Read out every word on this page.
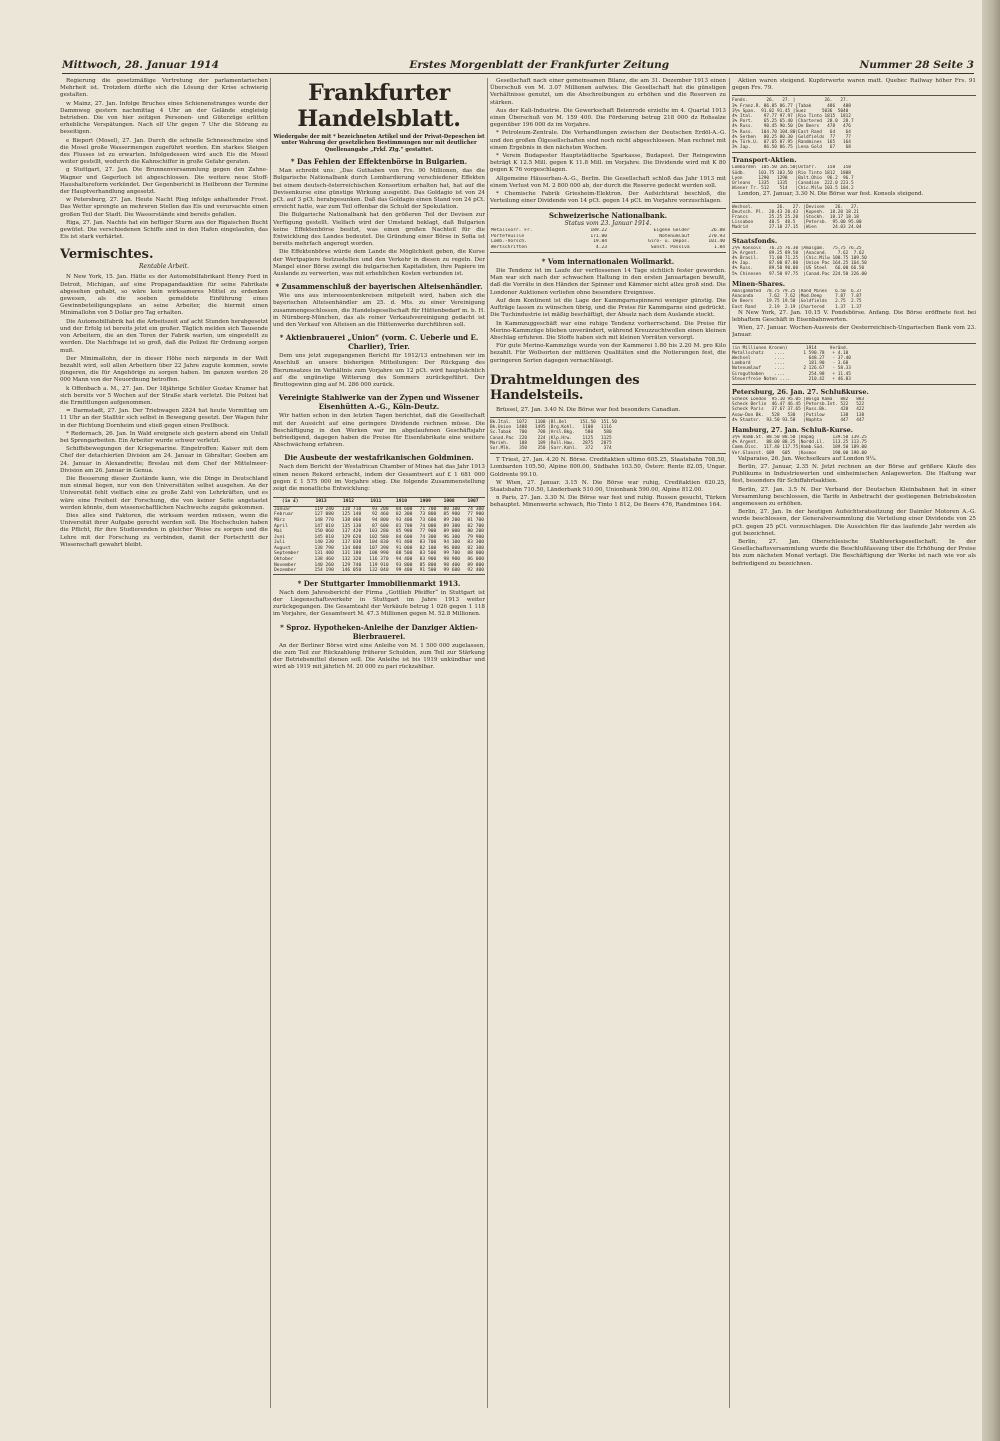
Mittwoch, 28. Januar 1914	Erstes Morgenblatt der Frankfurter Zeitung	Nummer 28 Seite 3

Regierung die gesetzmäßige Vertretung der parlamentarischen Mehrheit ist. Trotzdem dürfte sich die Lösung der Krise schwierig gestalten.

w Mainz, 27. Jan. Infolge Bruches eines Schienenstranges wurde der Dammweg gestern nachmittag 4 Uhr an der Gelände eingleisig betrieben. Die von hier zeitigen Personen- und Güterzüge erlitten erhebliche Verspätungen. Nach elf Uhr gegen 7 Uhr die Störung zu beseitigen.

e Bieport (Mosel), 27. Jan. Durch die schnelle Schneeschmelze sind die Mosel große Wassermengen zugeführt worden. Ein starkes Steigen des Flusses ist zu erwarten. Infolgedessen wird auch Eis die Mosel weiter gestellt, wodurch die Kahnschiffer in große Gefahr geraten.

g Stuttgart, 27. Jan. Die Brunnenversammlung gegen den Zahne-Wagner und Gegerloch ist abgeschlossen. Die weitere neue Stoff-Haushaltsreform verkündet. Der Gegenbericht in Heilbronn der Termine der Hauptverhandlung angesetzt.

w Petersburg, 27. Jan. Heute Nacht Rieg infolge anhaltender Frost. Das Wetter sprengte an mehreren Stellen das Eis und verursachte einen großen Teil der Stadt. Die Wasserstände sind bereits gefallen.

Riga, 27. Jan. Nachts hat ein heftiger Sturm aus der Rigaischen Bucht gewütet. Die verschiedenen Schiffe sind in den Hafen eingelaufen, das Eis ist stark verhärtet.

Vermischtes.
Rentable Arbeit.

N New York, 15. Jan. Hätte es der Automobilfabrikant Henry Ford in Detroit, Michigan, auf eine Propagandaaktion für seine Fabrikate abgesehen gehabt, so wäre kein wirksameres Mittel zu erdenken gewesen, als die soeben gemeldete Einführung eines Gewinnbeteiligungsplans an seine Arbeiter, die hiermit einen Minimallohn von 5 Dollar pro Tag erhalten.

Die Automobilfabrik hat die Arbeitszeit auf acht Stunden herabgesetzt und der Erfolg ist bereits jetzt ein großer. Täglich melden sich Tausende von Arbeitern, die an den Toren der Fabrik warten, um eingestellt zu werden. Die Nachfrage ist so groß, daß die Polizei für Ordnung sorgen muß.

Der Minimallohn, der in dieser Höhe noch nirgends in der Welt bezahlt wird, soll allen Arbeitern über 22 Jahre zugute kommen, sowie jüngeren, die für Angehörige zu sorgen haben. Im ganzen werden 26 000 Mann von der Neuordnung betroffen.

k Offenbach a. M., 27. Jan. Der 18jährige Schüler Gustav Kramer hat sich bereits vor 5 Wochen auf der Straße stark verletzt. Die Polizei hat die Ermittlungen aufgenommen.

= Darmstadt, 27. Jan. Der Triebwagen 2824 hat heute Vormittag um 11 Uhr an der Stalltür sich selbst in Bewegung gesetzt. Der Wagen fuhr in der Richtung Dornheim und stieß gegen einen Prellbock.

* Redernach, 26. Jan. In Wald ereignete sich gestern abend ein Unfall bei Sprengarbeiten. Ein Arbeiter wurde schwer verletzt.

Schiffsbewegungen der Kriegsmarine. Eingetroffen: Kaiser mit dem Chef der detachierten Division am 24. Januar in Gibraltar; Goeben am 24. Januar in Alexandrette; Breslau mit dem Chef der Mittelmeer-Division am 26. Januar in Genua.

Die Besserung dieser Zustände kann, wie die Dinge in Deutschland nun einmal liegen, nur von den Universitäten selbst ausgehen. An der Universität fehlt vielfach eine zu große Zahl von Lehrkräften, und es wäre eine Freiheit der Forschung, die von keiner Seite angetastet werden könnte, dem wissenschaftlichen Nachwuchs zugute gekommen.

Dies alles sind Faktoren, die wirksam werden müssen, wenn die Universität ihrer Aufgabe gerecht werden soll. Die Hochschulen haben die Pflicht, für ihre Studierenden in gleicher Weise zu sorgen und die Lehre mit der Forschung zu verbinden, damit der Fortschritt der Wissenschaft gewahrt bleibt.

Frankfurter Handelsblatt.
Wiedergabe der mit * bezeichneten Artikel und der Privat-Depeschen ist unter Wahrung der gesetzlichen Bestimmungen nur mit deutlicher Quellenangabe „Frkf. Ztg.“ gestattet.
* Das Fehlen der Effektenbörse in Bulgarien.

Man schreibt uns: „Das Guthaben von Frs. 90 Millionen, das die Bulgarische Nationalbank durch Lombardierung verschiedener Effekten bei einem deutsch-österreichischen Konsortium erhalten hat, hat auf die Devisenkurse eine günstige Wirkung ausgeübt. Das Goldagio ist von 24 pCt. auf 3 pCt. herabgesunken. Daß das Goldagio einen Stand von 24 pCt. erreicht hatte, war zum Teil offenbar die Schuld der Spekulation.

Die Bulgarische Nationalbank hat den größeren Teil der Devisen zur Verfügung gestellt. Vielfach wird der Umstand beklagt, daß Bulgarien keine Effektenbörse besitzt, was einen großen Nachteil für die Entwicklung des Landes bedeutet. Die Gründung einer Börse in Sofia ist bereits mehrfach angeregt worden.

Die Effektenbörse würde dem Lande die Möglichkeit geben, die Kurse der Wertpapiere festzustellen und den Verkehr in diesen zu regeln. Der Mangel einer Börse zwingt die bulgarischen Kapitalisten, ihre Papiere im Auslande zu verwerten, was mit erheblichen Kosten verbunden ist.

* Zusammenschluß der bayerischen Alteisenhändler.

Wie uns aus interessentenkreisen mitgeteilt wird, haben sich die bayerischen Alteisenhändler am 25. d. Mts. zu einer Vereinigung zusammengeschlossen, die Handelsgesellschaft für Hüttenbedarf m. b. H. in Nürnberg-München, das als reiner Verkaufsvereinigung gedacht ist und den Verkauf von Alteisen an die Hüttenwerke durchführen soll.

* Aktienbrauerei „Union“ (vorm. C. Ueberle und E. Charlier), Trier.

Dem uns jetzt zugegangenen Bericht für 1912/13 entnehmen wir im Anschluß an unsere bisherigen Mitteilungen: Der Rückgang des Bierumsatzes im Verhältnis zum Vorjahre um 12 pCt. wird hauptsächlich auf die ungünstige Witterung des Sommers zurückgeführt. Der Bruttogewinn ging auf M. 286 000 zurück.

Vereinigte Stahlwerke van der Zypen und Wissener Eisenhütten A.-G., Köln-Deutz.

Wir hatten schon in den letzten Tagen berichtet, daß die Gesellschaft mit der Aussicht auf eine geringere Dividende rechnen müsse. Die Beschäftigung in den Werken war im abgelaufenen Geschäftsjahr befriedigend, dagegen haben die Preise für Eisenfabrikate eine weitere Abschwächung erfahren.

Die Ausbeute der westafrikanischen Goldminen.

Nach dem Bericht der Westafrican Chamber of Mines hat das Jahr 1913 einen neuen Rekord erbracht, indem der Gesamtwert auf £ 1 681 000 gegen £ 1 575 000 im Vorjahre stieg. Die folgende Zusammenstellung zeigt die monatliche Entwicklung:

(in £)	1913	1912	1911	1910	1909	1908	1907
Januar	119 240	118 710	93 200	84 600	71 700	80 100	74 300
Februar	127 080	125 140	92 460	82 300	73 800	85 900	77 900
März	148 770	138 060	94 800	93 400	73 600	89 200	81 700
April	147 010	135 130	87 600	81 700	74 000	89 300	82 700
Mai	150 060	137 420	103 280	85 900	77 900	89 000	80 200
Juni	145 010	129 620	102 580	84 600	74 300	96 300	79 900
Juli	140 230	137 030	104 830	91 400	83 700	94 100	83 300
August	138 790	134 080	107 390	91 000	82 100	96 800	82 300
September	131 400	131 180	108 990	88 500	83 500	99 700	88 000
Oktober	138 460	132 320	116 370	94 400	83 900	98 900	86 000
November	140 260	129 740	119 910	93 800	85 800	98 400	89 800
Dezember	154 190	146 050	132 040	99 400	91 500	99 600	92 400
* Der Stuttgarter Immobilienmarkt 1913.

Nach dem Jahresbericht der Firma „Gottlieb Pfeiffer“ in Stuttgart ist der Liegenschaftsverkehr in Stuttgart im Jahre 1913 weiter zurückgegangen. Die Gesamtzahl der Verkäufe betrug 1 026 gegen 1 118 im Vorjahre, der Gesamtwert M. 47.3 Millionen gegen M. 52.8 Millionen.

* Sproz. Hypotheken-Anleihe der Danziger Aktien-Bierbrauerei.

An der Berliner Börse wird eine Anleihe von M. 1 500 000 zugelassen, die zum Teil zur Rückzahlung früherer Schulden, zum Teil zur Stärkung der Betriebsmittel dienen soll. Die Anleihe ist bis 1919 unkündbar und wird ab 1919 mit jährlich M. 20 000 zu pari rückzahlbar.

Gesellschaft nach einer gemeinsamen Bilanz, die am 31. Dezember 1913 einen Überschuß von M. 3.07 Millionen aufwies. Die Gesellschaft hat die günstigen Verhältnisse genutzt, um die Abschreibungen zu erhöhen und die Reserven zu stärken.

Aus der Kali-Industrie. Die Gewerkschaft Beienrode erzielte im 4. Quartal 1913 einen Überschuß von M. 159 400. Die Förderung betrug 218 000 dz Rohsalze gegenüber 196 000 dz im Vorjahre.

* Petroleum-Zentrale. Die Verhandlungen zwischen der Deutschen Erdöl-A.-G. und den großen Ölgesellschaften sind noch nicht abgeschlossen. Man rechnet mit einem Ergebnis in den nächsten Wochen.

* Verein Budapester Hauptstädtische Sparkasse, Budapest. Der Reingewinn beträgt K 12.5 Mill. gegen K 11.8 Mill. im Vorjahre. Die Dividende wird mit K 80 gegen K 76 vorgeschlagen.

Allgemeine Häuserbau-A.-G., Berlin. Die Gesellschaft schloß das Jahr 1913 mit einem Verlust von M. 2 800 000 ab, der durch die Reserve gedeckt werden soll.

* Chemische Fabrik Griesheim-Elektron. Der Aufsichtsrat beschloß, die Verteilung einer Dividende von 14 pCt. gegen 14 pCt. im Vorjahre vorzuschlagen.

Schweizerische Nationalbank.
Status vom 23. Januar 1914.
Metallvorr. Fr.	189.22	Eigene Gelder	26.88
Portefeuille	171.80	Notenumlauf	270.93
Lomb.-Vorsch.	19.84	Giro- u. Depos.	101.40
Wertschriften	4.23	Sonst. Passiva	1.84
* Vom internationalen Wollmarkt.

Die Tendenz ist im Laufe der verflossenen 14 Tage sichtlich fester geworden. Man war sich nach der schwachen Haltung in den ersten Januartagen bewußt, daß die Vorräte in den Händen der Spinner und Kämmer nicht allzu groß sind. Die Londoner Auktionen verliefen ohne besondere Ereignisse.

Auf dem Kontinent ist die Lage der Kammgarnspinnerei weniger günstig. Die Aufträge lassen zu wünschen übrig, und die Preise für Kammgarne sind gedrückt. Die Tuchindustrie ist mäßig beschäftigt, der Absatz nach dem Auslande stockt.

In Kammzuggeschäft war eine ruhige Tendenz vorherrschend. Die Preise für Merino-Kammzüge blieben unverändert, während Kreuzzuchtwollen einen kleinen Abschlag erfuhren. Die Stoffe haben sich mit kleinen Vorräten versorgt.

Für gute Merino-Kammzüge wurde von der Kammerei 1.80 bis 2.20 M. pro Kilo bezahlt. Für Wollsorten der mittleren Qualitäten sind die Notierungen fest, die geringeren Sorten dagegen vernachlässigt.

Drahtmeldungen des Handelsteils.

Brüssel, 27. Jan. 3.40 N. Die Börse war fest besonders Canadian.

Bk.Ital.  1072   1108 |Bl.Oel     151.50  151.50
Bk.Union  1488   1495 |Brg.Kohl.   1100   1116
Sc.Tabak   700    708 |Hrsl.Bkg.    580    580
Canad.Pac  220    224 |Klp.Hrw.    1125   1125
Marieh.    188    189 |Roll.Haw.   2875   2875
Sor.Mlk.   350    350 |Sarr.Kohl.   372    374

T Triest, 27. Jan. 4.20 N. Börse. Creditaktien ultimo 605.25, Staatsbahn 708.50, Lombarden 105.50, Alpine 800.00, Südbahn 103.50, Österr. Rente 82.05, Ungar. Goldrente 99.10.

W Wien, 27. Januar. 3.15 N. Die Börse war ruhig, Creditaktien 620.25, Staatsbahn 710.50, Länderbank 510.00, Unionbank 590.00, Alpine 812.00.

n Paris, 27. Jan. 3.30 N. Die Börse war fest und ruhig. Russen gesucht, Türken behauptet. Minenwerte schwach, Rio Tinto 1 812, De Beers 476, Randmines 164.

Aktien waren steigend. Kupferwerte waren matt. Quebec Railway höher Frs. 91 gegen Frs. 79.

Fonds.       26.   27. |           26.   27.
3% Franz.R. 86.85 86.77 |Tabak      486   488
3½% Span.  91.02 91.45 |Suez      5036  5040
4% Ital.    97.77 97.97 |Rio Tinto 1815  1812
3% Port.    65.25 65.40 |Chartered  28.0  28.7
4% Russ.    90.45 90.50 |De Beers   478   476
5% Russ.   104.70 104.80|East Rand   64    64
4% Serben   80.25 80.30 |Goldfields  77    77
4% Türk.U.  87.65 87.95 |Randmines  165   164
3% Jap.     86.50 86.75 |Lena Gold   67    68
Transport-Aktien.
Lombarden  105.50 105.50|Ostafr.    158   158
Südb.     103.75 103.50 |Rio Tinto 1812  1808
Lyon      1290   1298   |Balt.Ohio  96.2  96.7
Orleans   1335   1335   |Canadian  222.0 223.5
Wiener Tr. 512    514   |Chic.Milw 103.5 104.2

London, 27. Januar, 3.30 N. Die Börse war fest. Konsols steigend.

Wechsel.         26.   27. |Devisen    26.   27.
Deutsch. Pl.  20.43 20.43  |Kopenh.  18.20 18.21
Francs        25.25 25.20  |Stockh.  18.17 18.18
Lissabon      40.5  40.5   |Petersb.  95.00 95.00
Madrid        27.10 27.15  |Wien      24.03 24.04
Staatsfonds.
2½% Konsols   76.25 76.30 |Amalgam.   75.75 76.25
3% Argent.    89.25 89.50  |Anacond.    7.62  7.62
4% Brasil.    71.00 71.25  |Chic.Milw 108.75 109.50
4% Jap.       87.00 87.00  |Union Pac 164.25 164.50
4% Russ.      89.50 90.00  |US Steel   66.00 66.50
5% Chinesen   97.50 97.75  |Canad.Pac 224.50 226.00
Minen-Shares.
Amalgamated  78.75 79.25 |Rand Mines   6.50  6.37
Anaconda      7.62  7.62 |Mod.Deep     7.87  7.87
De Beers     19.75 19.50 |Goldfields   2.75  2.75
East Rand     2.19  2.19 |Chartered    1.37  1.37

N New York, 27. Jan. 10.15 V. Fondsbörse. Anfang. Die Börse eröffnete fest bei lebhaftem Geschäft in Eisenbahnwerten.

Wien, 27. Januar. Wochen-Ausweis der Oesterreichisch-Ungarischen Bank vom 23. Januar.

(in Millionen Kronen)       1914     Veränd.
Metallschatz    ....       1 590.78   + 4.10
Wechsel         ....         648.27   - 37.40
Lombard         ....         181.90   - 3.68
Notenumlauf     ....       2 126.67   - 58.33
Giroguthaben    ....         254.98   + 11.45
Steuerfreie Noten ....       210.42   + 46.83
Petersburg, 26. Jan. 27. Schlußkurse.
Scheck London  95.10 95.05 |Wolga Kama   882   883
Scheck Berlin  46.47 46.45 |Petersb.Int. 522   522
Scheck Paris   37.67 37.65 |Russ.Bk.     420   422
Asow-Don Bk.   528   530   |Putilow      138   138
4% Staatsr.  93.50 93.50   |Naphta       447   447
Hamburg, 27. Jan. Schluß-Kurse.
3½% Hamb.St. 88.50 88.50 |Hapag       139.50 139.25
4% Argent.   88.00 88.25 |Nordd.Ll.   113.25 113.75
Comm.Disc.  117.40 117.75|Hamb.Süd.   189.50 189.00
Ver.Glanzst. 609   605   |Kosmos      190.00 190.00

Valparaiso, 26. Jan. Wechselkurs auf London 9¼.

Berlin, 27. Januar, 2.35 N. Jetzt rechnen an der Börse auf größere Käufe des Publikums in Industriewerten und einheimischen Anlagewerten. Die Haltung war fest, besonders für Schiffahrtsaktien.

Berlin, 27. Jan. 3.5 N. Der Verband der Deutschen Kleinbahnen hat in einer Versammlung beschlossen, die Tarife in Anbetracht der gestiegenen Betriebskosten angemessen zu erhöhen.

Berlin, 27. Jan. In der heutigen Aufsichtsratssitzung der Daimler Motoren A.-G. wurde beschlossen, der Generalversammlung die Verteilung einer Dividende von 25 pCt. gegen 25 pCt. vorzuschlagen. Die Aussichten für das laufende Jahr werden als gut bezeichnet.

Berlin, 27. Jan. Oberschlesische Stahlwerksgesellschaft. In der Gesellschaftsversammlung wurde die Beschlußfassung über die Erhöhung der Preise bis zum nächsten Monat vertagt. Die Beschäftigung der Werke ist nach wie vor als befriedigend zu bezeichnen.
